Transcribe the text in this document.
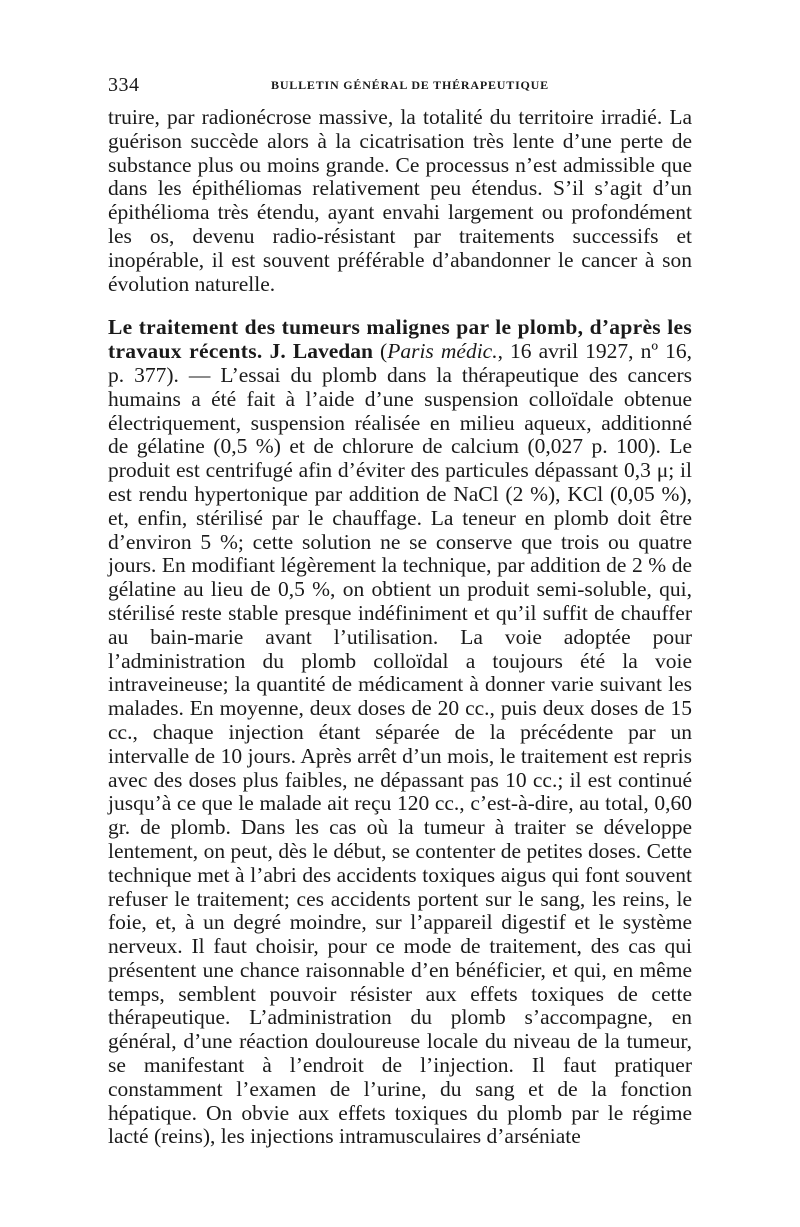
334	BULLETIN GÉNÉRAL DE THÉRAPEUTIQUE

truire, par radionécrose massive, la totalité du territoire irradié. La guérison succède alors à la cicatrisation très lente d’une perte de substance plus ou moins grande. Ce processus n’est admissible que dans les épithéliomas relativement peu étendus. S’il s’agit d’un épithélioma très étendu, ayant envahi largement ou profondément les os, devenu radio-résistant par traitements successifs et inopérable, il est souvent préférable d’abandonner le cancer à son évolution naturelle.

Le traitement des tumeurs malignes par le plomb, d’après les travaux récents. J. Lavedan (Paris médic., 16 avril 1927, nº 16, p. 377). — L’essai du plomb dans la thérapeutique des cancers humains a été fait à l’aide d’une suspension colloïdale obtenue électriquement, suspension réalisée en milieu aqueux, additionné de gélatine (0,5 %) et de chlorure de calcium (0,027 p. 100). Le produit est centrifugé afin d’éviter des particules dépassant 0,3 μ; il est rendu hypertonique par addition de NaCl (2 %), KCl (0,05 %), et, enfin, stérilisé par le chauffage. La teneur en plomb doit être d’environ 5 %; cette solution ne se conserve que trois ou quatre jours. En modifiant légèrement la technique, par addition de 2 % de gélatine au lieu de 0,5 %, on obtient un produit semi-soluble, qui, stérilisé reste stable presque indéfiniment et qu’il suffit de chauffer au bain-marie avant l’utilisation. La voie adoptée pour l’administration du plomb colloïdal a toujours été la voie intraveineuse; la quantité de médicament à donner varie suivant les malades. En moyenne, deux doses de 20 cc., puis deux doses de 15 cc., chaque injection étant séparée de la précédente par un intervalle de 10 jours. Après arrêt d’un mois, le traitement est repris avec des doses plus faibles, ne dépassant pas 10 cc.; il est continué jusqu’à ce que le malade ait reçu 120 cc., c’est-à-dire, au total, 0,60 gr. de plomb. Dans les cas où la tumeur à traiter se développe lentement, on peut, dès le début, se contenter de petites doses. Cette technique met à l’abri des accidents toxiques aigus qui font souvent refuser le traitement; ces accidents portent sur le sang, les reins, le foie, et, à un degré moindre, sur l’appareil digestif et le système nerveux. Il faut choisir, pour ce mode de traitement, des cas qui présentent une chance raisonnable d’en bénéficier, et qui, en même temps, semblent pouvoir résister aux effets toxiques de cette thérapeutique. L’administration du plomb s’accompagne, en général, d’une réaction douloureuse locale du niveau de la tumeur, se manifestant à l’endroit de l’injection. Il faut pratiquer constamment l’examen de l’urine, du sang et de la fonction hépatique. On obvie aux effets toxiques du plomb par le régime lacté (reins), les injections intramusculaires d’arséniate
